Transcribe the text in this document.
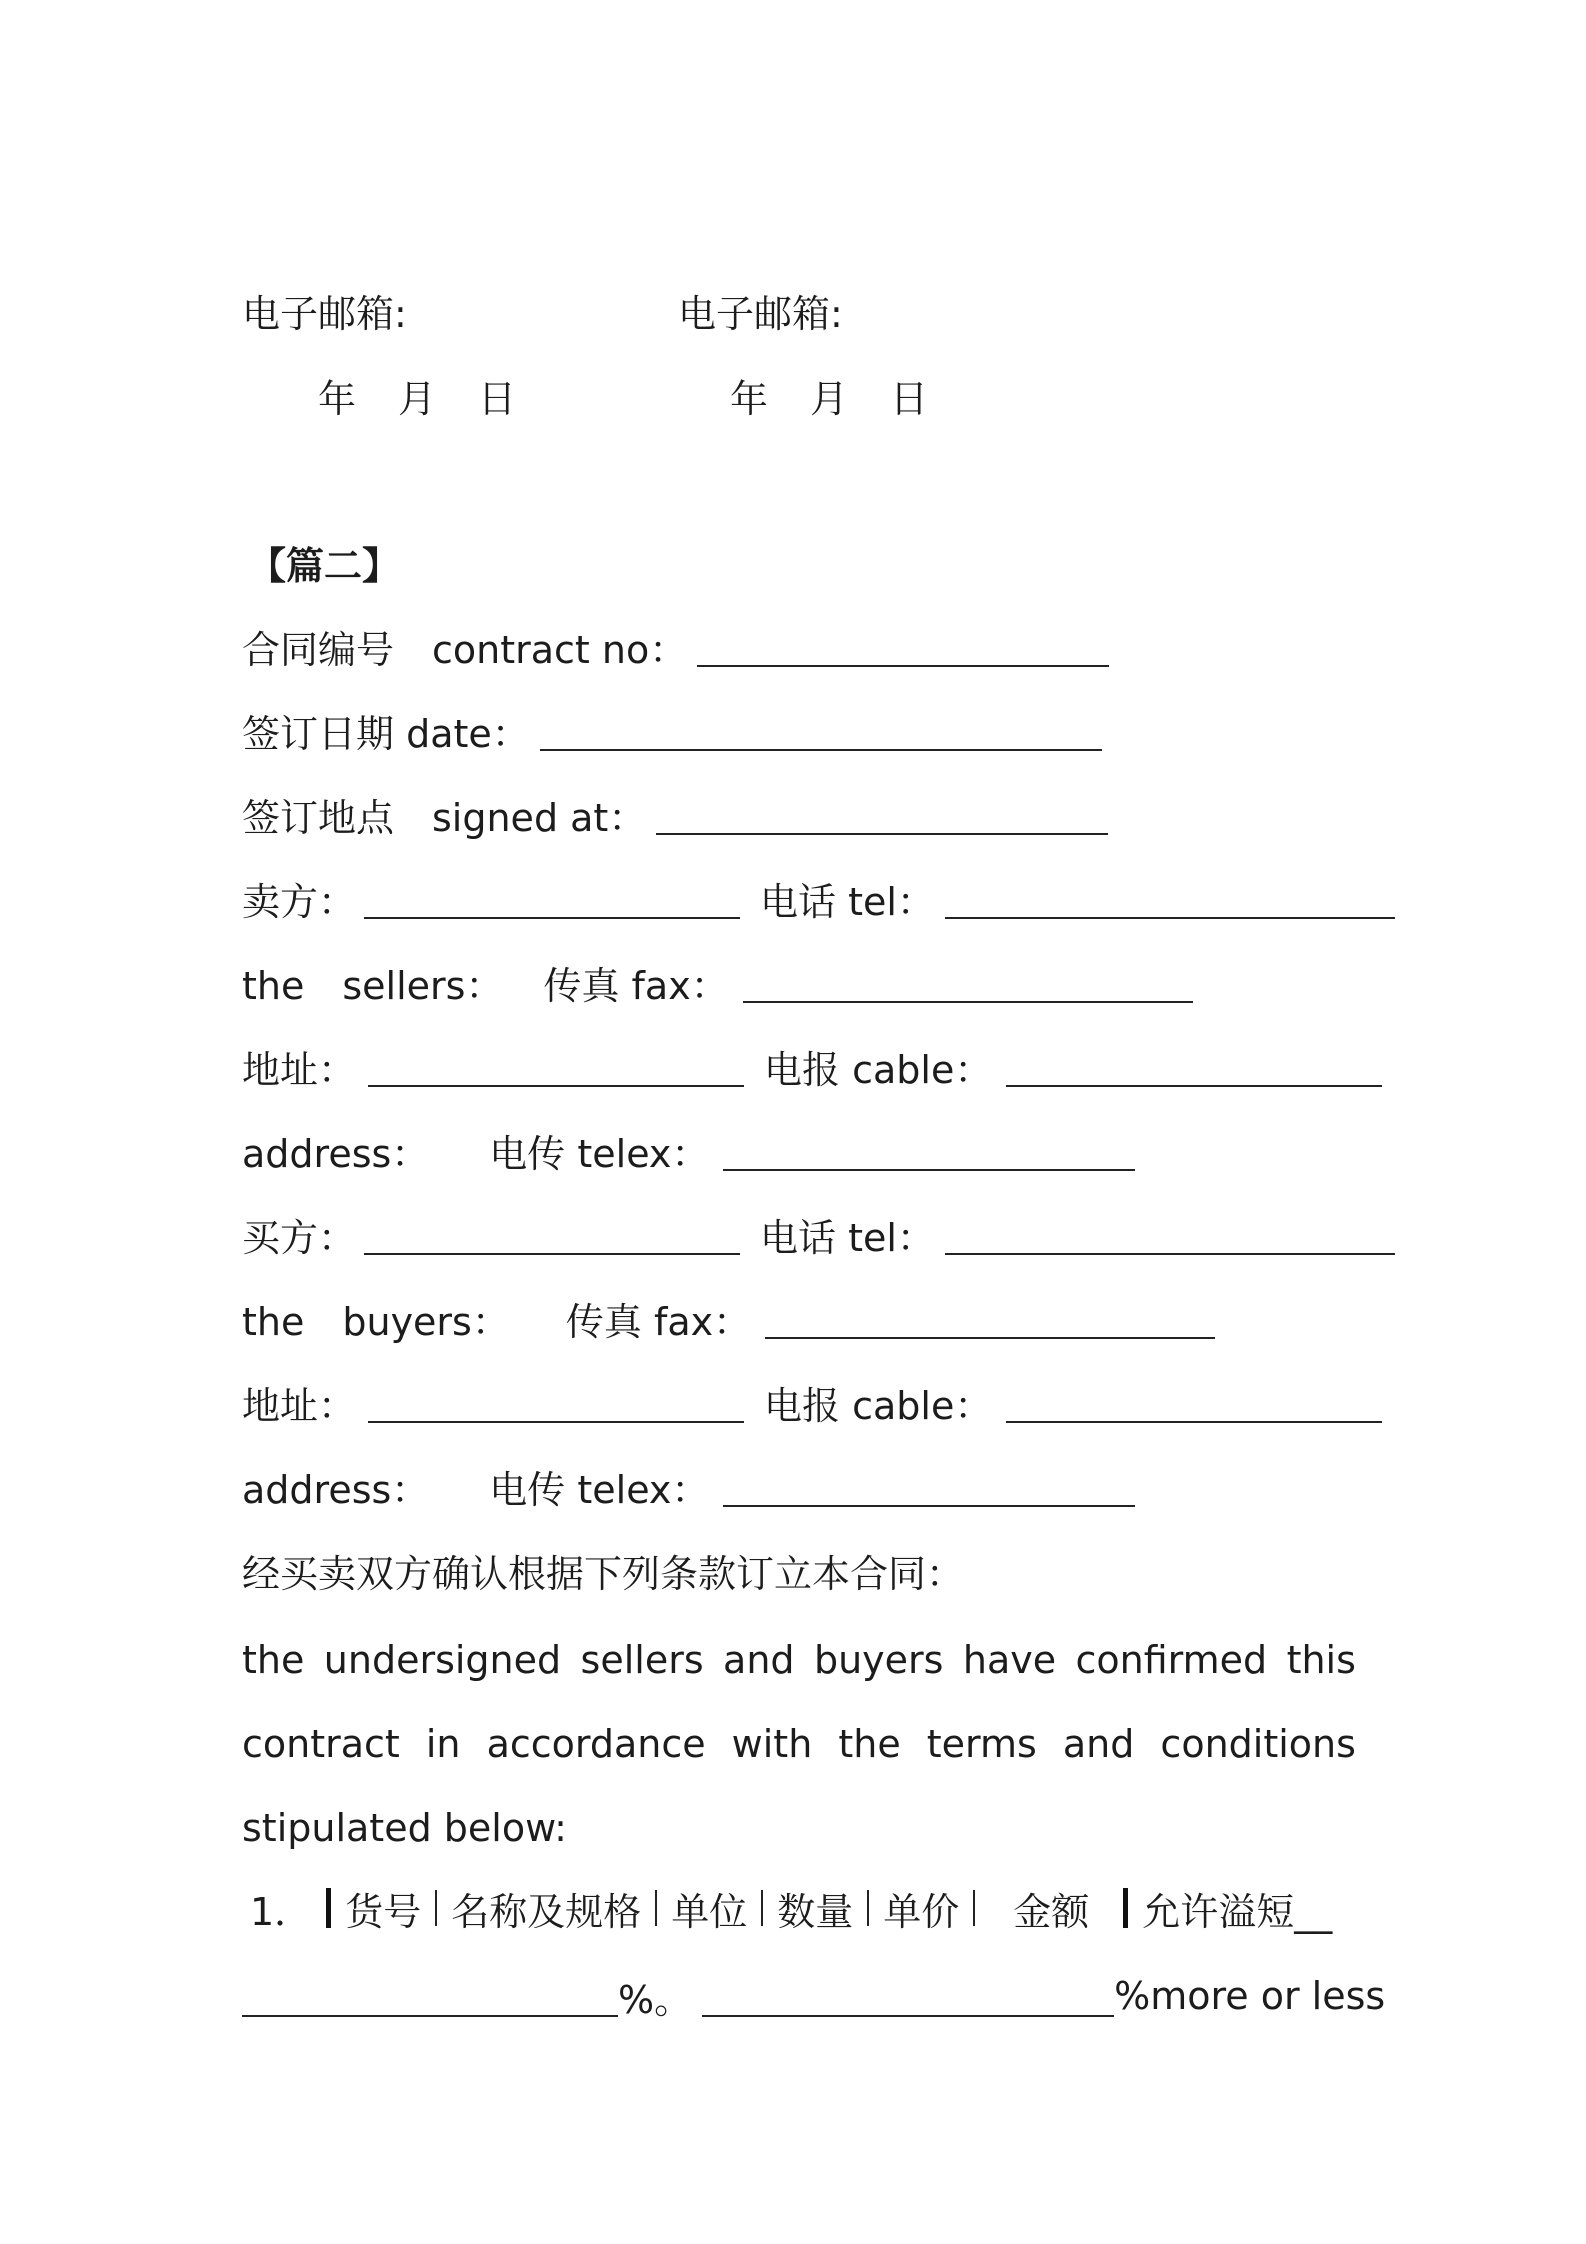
电子邮箱:	电子邮箱:
年 月 日	年 月 日
【篇二】
合同编号　contract no：
签订日期 date：
签订地点　signed at：
卖方：	电话 tel：
the　sellers： 传真 fax：
地址：	电报 cable：
address： 电传 telex：
买方：	电话 tel：
the　buyers： 传真 fax：
地址：	电报 cable：
address： 电传 telex：
经买卖双方确认根据下列条款订立本合同：
the undersigned sellers and buyers have confirmed this
contract in accordance with the terms and conditions
stipulated below:
1． 货号 名称及规格 单位 数量 单价 金额 允许溢短__
%。	%more or less
